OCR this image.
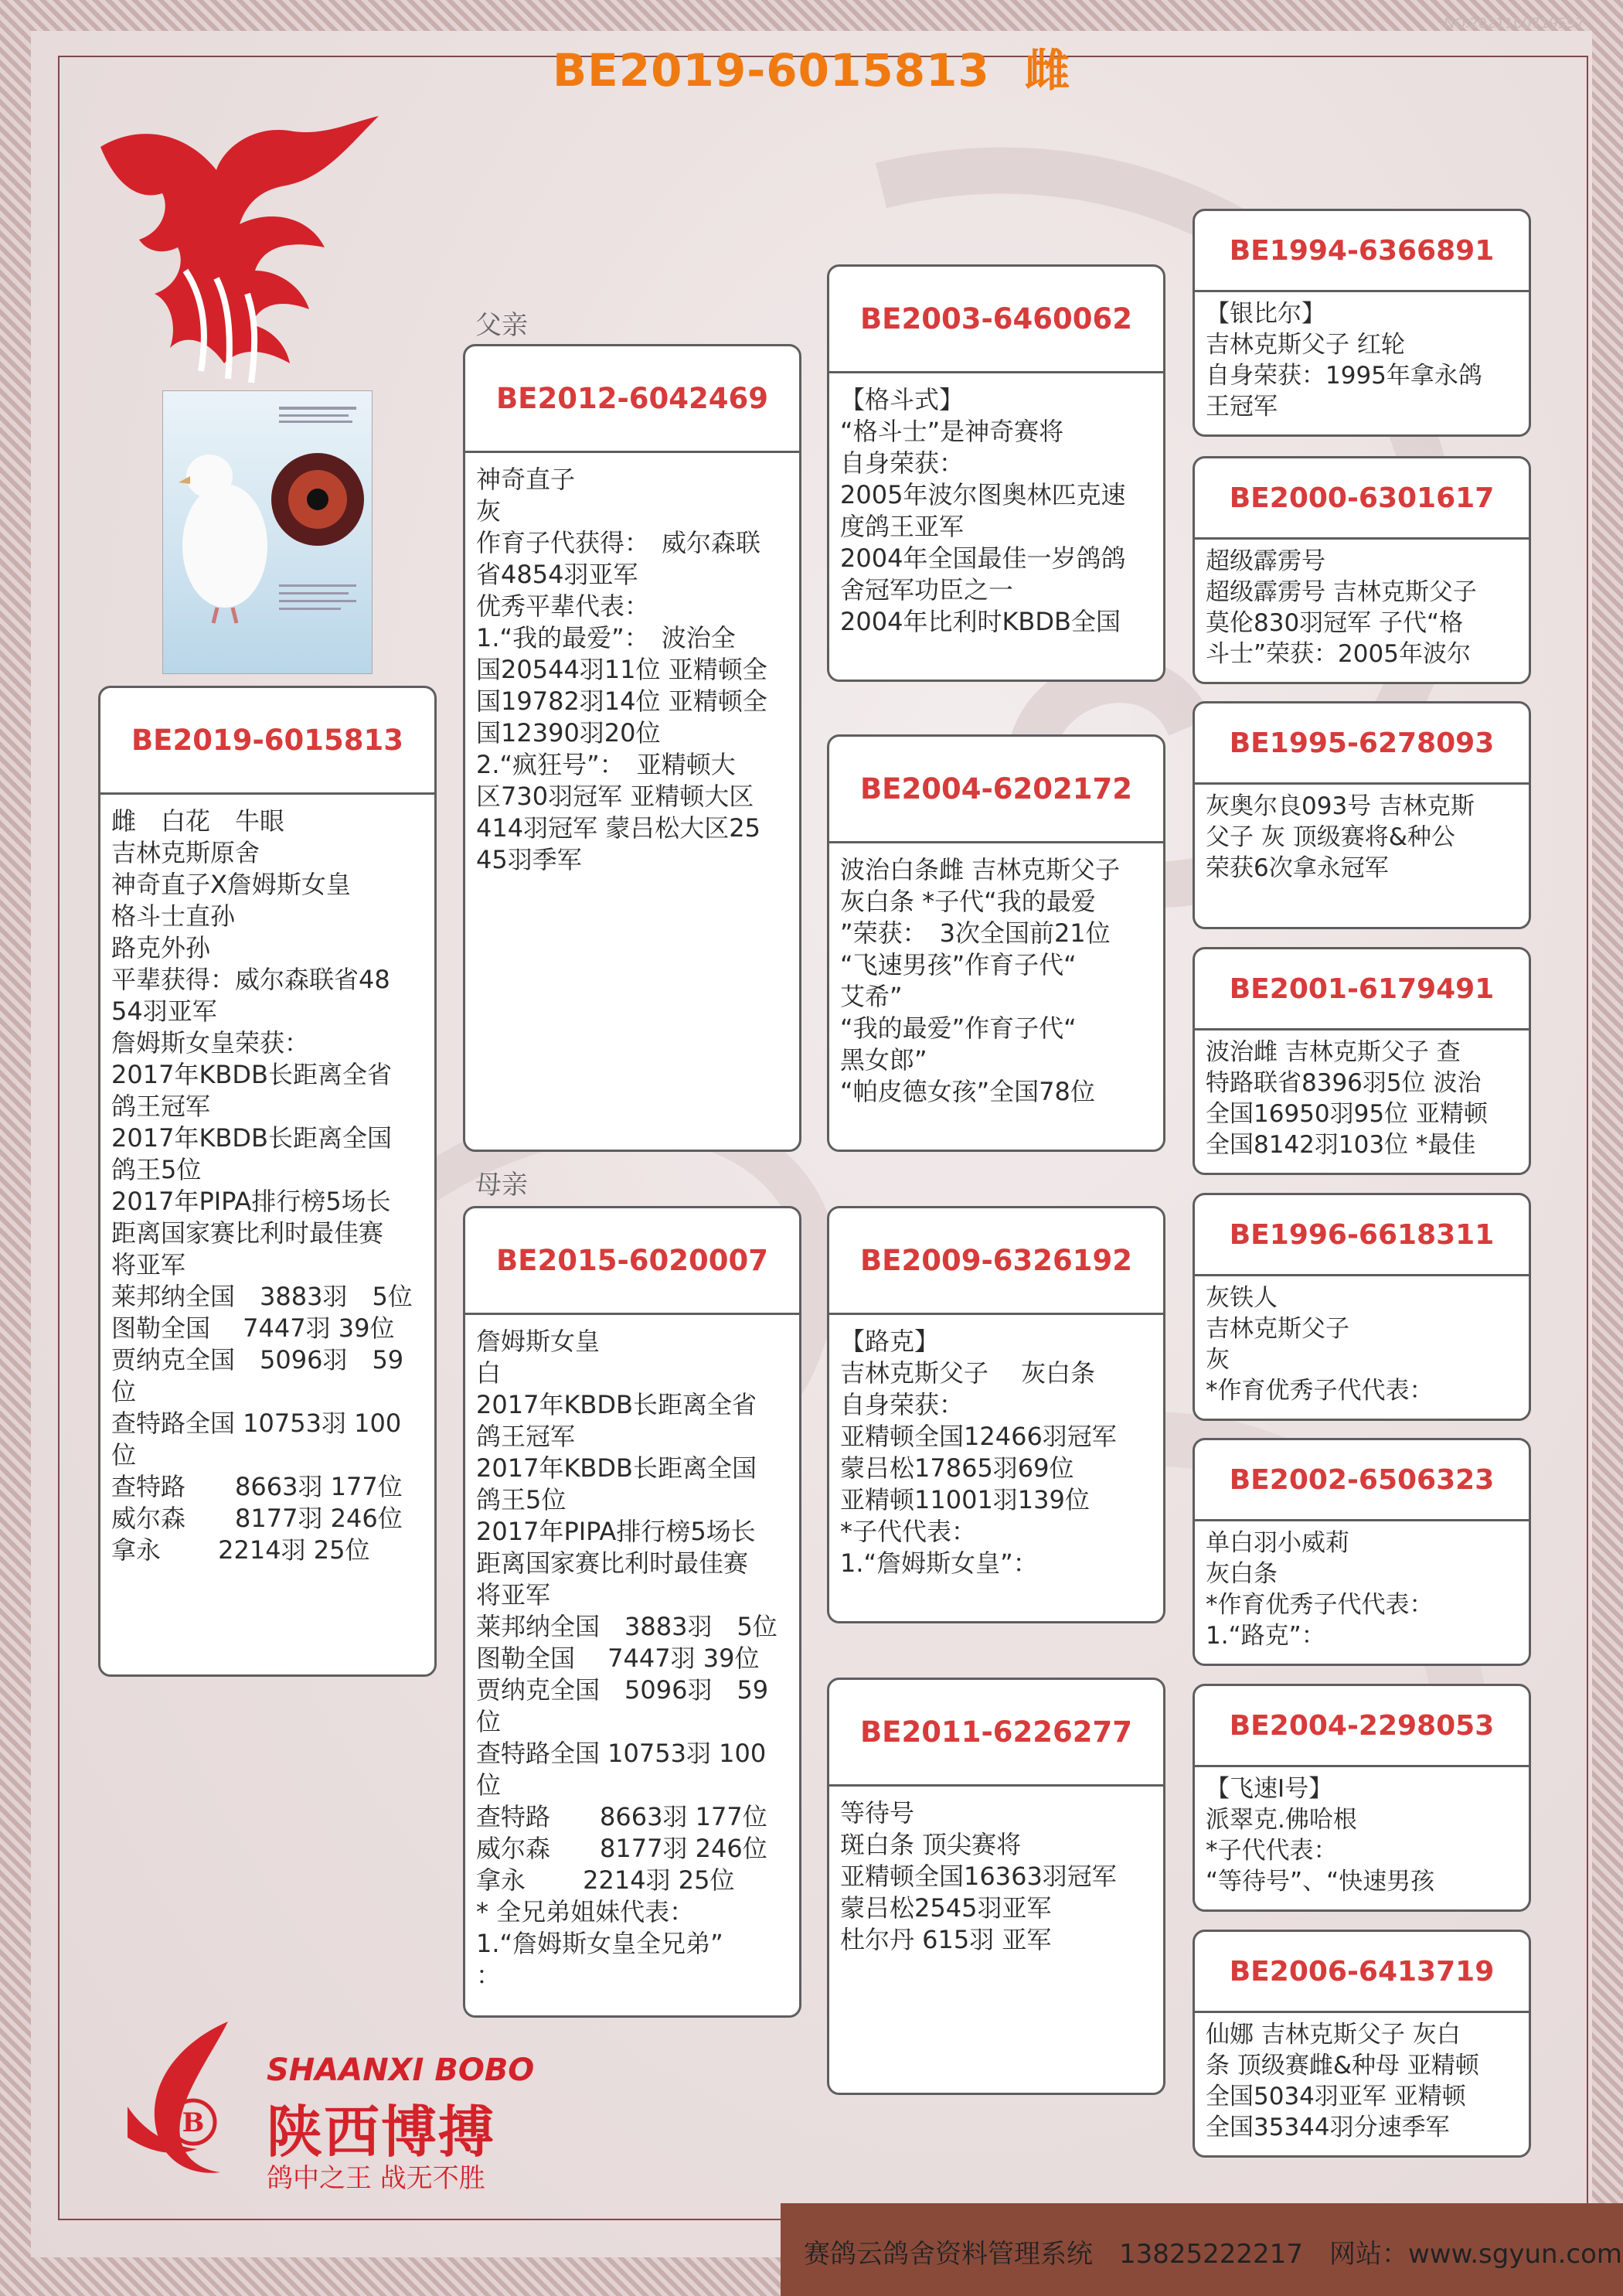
NO.2021100719597
BE2019-6015813 雌
父亲
母亲
BE2019-6015813
雌　白花　牛眼
吉林克斯原舍
神奇直子X詹姆斯女皇
格斗士直孙
路克外孙
平辈获得：威尔森联省48
54羽亚军
詹姆斯女皇荣获：
2017年KBDB长距离全省
鸽王冠军
2017年KBDB长距离全国
鸽王5位
2017年PIPA排行榜5场长
距离国家赛比利时最佳赛
将亚军
莱邦纳全国　3883羽　5位
图勒全国　 7447羽 39位
贾纳克全国　5096羽　59
位
查特路全国 10753羽 100
位
查特路　　8663羽 177位
威尔森　　8177羽 246位
拿永　　 2214羽 25位
BE2012-6042469
神奇直子
灰
作育子代获得：　威尔森联
省4854羽亚军
优秀平辈代表：
1.“我的最爱”：　波治全
国20544羽11位 亚精顿全
国19782羽14位 亚精顿全
国12390羽20位
2.“疯狂号”：　亚精顿大
区730羽冠军 亚精顿大区
414羽冠军 蒙吕松大区25
45羽季军
BE2015-6020007
詹姆斯女皇
白
2017年KBDB长距离全省
鸽王冠军
2017年KBDB长距离全国
鸽王5位
2017年PIPA排行榜5场长
距离国家赛比利时最佳赛
将亚军
莱邦纳全国　3883羽　5位
图勒全国　 7447羽 39位
贾纳克全国　5096羽　59
位
查特路全国 10753羽 100
位
查特路　　8663羽 177位
威尔森　　8177羽 246位
拿永　　 2214羽 25位
* 全兄弟姐妹代表：
1.“詹姆斯女皇全兄弟”
：
BE2003-6460062
【格斗式】
“格斗士”是神奇赛将
自身荣获：
2005年波尔图奥林匹克速
度鸽王亚军
2004年全国最佳一岁鸽鸽
舍冠军功臣之一
2004年比利时KBDB全国
BE2004-6202172
波治白条雌 吉林克斯父子
灰白条 *子代“我的最爱
”荣获：　3次全国前21位
“飞速男孩”作育子代“
艾希”
“我的最爱”作育子代“
黑女郎”
“帕皮德女孩”全国78位
BE2009-6326192
【路克】
吉林克斯父子　 灰白条
自身荣获：
亚精顿全国12466羽冠军
蒙吕松17865羽69位
亚精顿11001羽139位
*子代代表：
1.“詹姆斯女皇”：
BE2011-6226277
等待号
斑白条 顶尖赛将
亚精顿全国16363羽冠军
蒙吕松2545羽亚军
杜尔丹 615羽 亚军
BE1994-6366891
【银比尔】
吉林克斯父子 红轮
自身荣获：1995年拿永鸽
王冠军
BE2000-6301617
超级霹雳号
超级霹雳号 吉林克斯父子
莫伦830羽冠军 子代“格
斗士”荣获：2005年波尔
BE1995-6278093
灰奥尔良093号 吉林克斯
父子 灰 顶级赛将&种公
荣获6次拿永冠军
BE2001-6179491
波治雌 吉林克斯父子 查
特路联省8396羽5位 波治
全国16950羽95位 亚精顿
全国8142羽103位 *最佳
BE1996-6618311
灰铁人
吉林克斯父子
灰
*作育优秀子代代表：
BE2002-6506323
单白羽小威莉
灰白条
*作育优秀子代代表：
1.“路克”：
BE2004-2298053
【飞速I号】
派翠克.佛哈根
*子代代表：
“等待号”、“快速男孩
BE2006-6413719
仙娜 吉林克斯父子 灰白
条 顶级赛雌&种母 亚精顿
全国5034羽亚军 亚精顿
全国35344羽分速季军
B
SHAANXI BOBO
陕西博搏
鸽中之王 战无不胜
赛鸽云鸽舍资料管理系统　13825222217　网站：www.sgyun.com
